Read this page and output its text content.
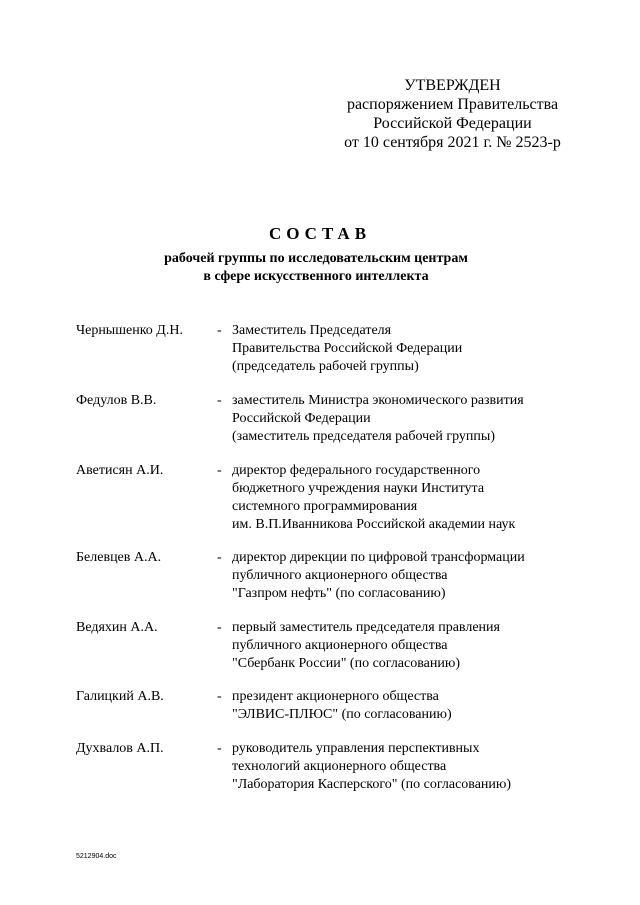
УТВЕРЖДЕН
распоряжением Правительства
Российской Федерации
от 10 сентября 2021 г. № 2523-р
СОСТАВ
рабочей группы по исследовательским центрам
в сфере искусственного интеллекта
Чернышенко Д.Н. - Заместитель Председателя
Правительства Российской Федерации
(председатель рабочей группы)
Федулов В.В.	- заместитель Министра экономического развития
Российской Федерации
(заместитель председателя рабочей группы)
Аветисян А.И.	- директор федерального государственного
бюджетного учреждения науки Института
системного программирования
им. В.П.Иванникова Российской академии наук
Белевцев А.А.	- директор дирекции по цифровой трансформации
публичного акционерного общества
"Газпром нефть" (по согласованию)
Ведяхин А.А.	- первый заместитель председателя правления
публичного акционерного общества
"Сбербанк России" (по согласованию)
Галицкий А.В.	- президент акционерного общества
"ЭЛВИС-ПЛЮС" (по согласованию)
Духвалов А.П.	- руководитель управления перспективных
технологий акционерного общества
"Лаборатория Касперского" (по согласованию)
5212904.doc
